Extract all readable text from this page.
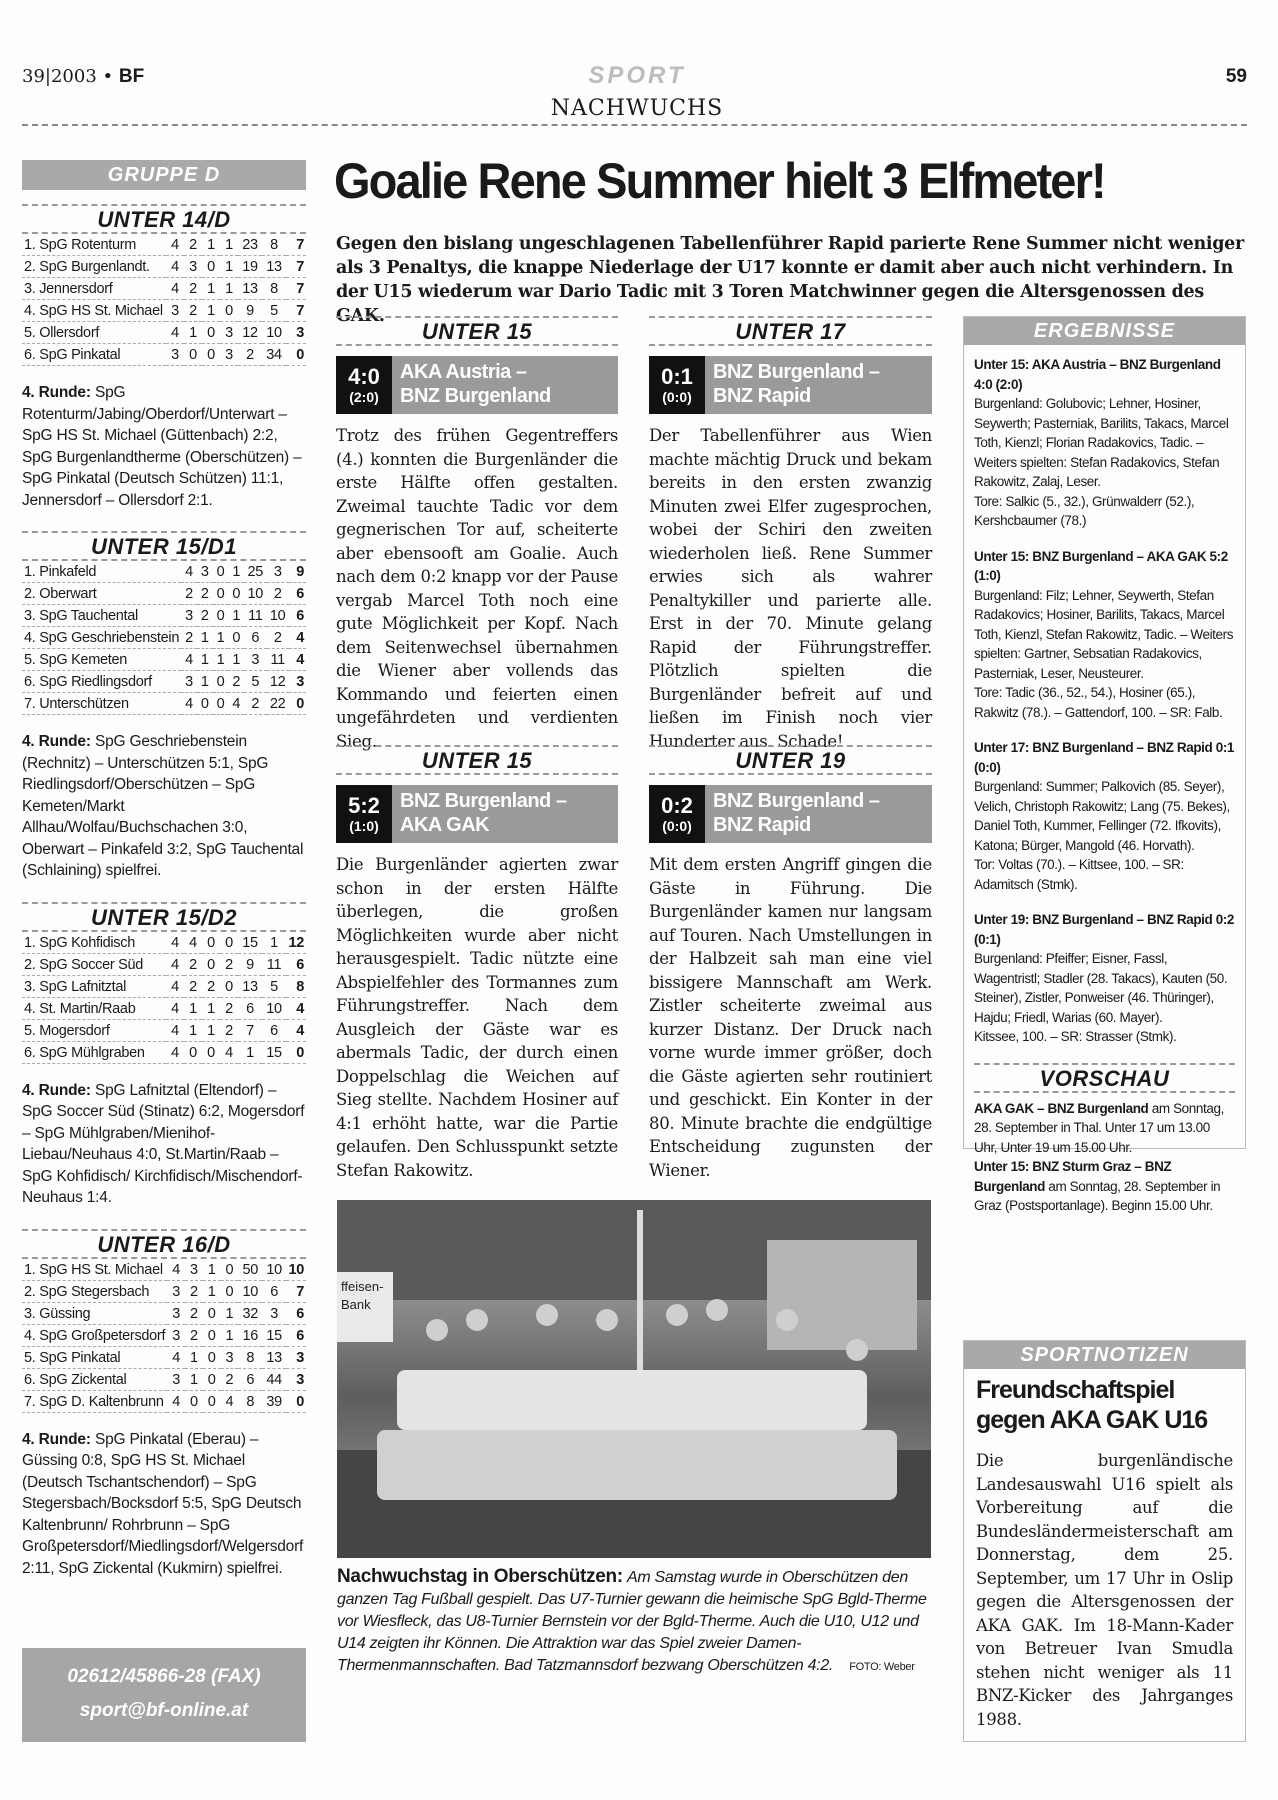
39|2003 • BF	SPORT
NACHWUCHS
59
GRUPPE D
UNTER 14/D
1. SpG Rotenturm	4	2	1	1	23	8	7
2. SpG Burgenlandt.	4	3	0	1	19	13	7
3. Jennersdorf	4	2	1	1	13	8	7
4. SpG HS St. Michael	3	2	1	0	9	5	7
5. Ollersdorf	4	1	0	3	12	10	3
6. SpG Pinkatal	3	0	0	3	2	34	0
4. Runde: SpG Rotenturm/Jabing/Oberdorf/Unterwart – SpG HS St. Michael (Güttenbach) 2:2, SpG Burgenlandtherme (Oberschützen) – SpG Pinkatal (Deutsch Schützen) 11:1, Jennersdorf – Ollersdorf 2:1.
UNTER 15/D1
1. Pinkafeld	4	3	0	1	25	3	9
2. Oberwart	2	2	0	0	10	2	6
3. SpG Tauchental	3	2	0	1	11	10	6
4. SpG Geschriebenstein	2	1	1	0	6	2	4
5. SpG Kemeten	4	1	1	1	3	11	4
6. SpG Riedlingsdorf	3	1	0	2	5	12	3
7. Unterschützen	4	0	0	4	2	22	0
4. Runde: SpG Geschriebenstein (Rechnitz) – Unterschützen 5:1, SpG Riedlingsdorf/Oberschützen – SpG Kemeten/Markt Allhau/Wolfau/Buchschachen 3:0, Oberwart – Pinkafeld 3:2, SpG Tauchental (Schlaining) spielfrei.
UNTER 15/D2
1. SpG Kohfidisch	4	4	0	0	15	1	12
2. SpG Soccer Süd	4	2	0	2	9	11	6
3. SpG Lafnitztal	4	2	2	0	13	5	8
4. St. Martin/Raab	4	1	1	2	6	10	4
5. Mogersdorf	4	1	1	2	7	6	4
6. SpG Mühlgraben	4	0	0	4	1	15	0
4. Runde: SpG Lafnitztal (Eltendorf) – SpG Soccer Süd (Stinatz) 6:2, Mogersdorf – SpG Mühlgraben/Mienihof-Liebau/Neuhaus 4:0, St.Martin/Raab – SpG Kohfidisch/ Kirchfidisch/Mischendorf-Neuhaus 1:4.
UNTER 16/D
1. SpG HS St. Michael	4	3	1	0	50	10	10
2. SpG Stegersbach	3	2	1	0	10	6	7
3. Güssing	3	2	0	1	32	3	6
4. SpG Großpetersdorf	3	2	0	1	16	15	6
5. SpG Pinkatal	4	1	0	3	8	13	3
6. SpG Zickental	3	1	0	2	6	44	3
7. SpG D. Kaltenbrunn	4	0	0	4	8	39	0
4. Runde: SpG Pinkatal (Eberau) – Güssing 0:8, SpG HS St. Michael (Deutsch Tschantschendorf) – SpG Stegersbach/Bocksdorf 5:5, SpG Deutsch Kaltenbrunn/ Rohrbrunn – SpG Großpetersdorf/Miedlingsdorf/Welgersdorf 2:11, SpG Zickental (Kukmirn) spielfrei.
02612/45866-28 (FAX)
sport@bf-online.at
Goalie Rene Summer hielt 3 Elfmeter!
Gegen den bislang ungeschlagenen Tabellenführer Rapid parierte Rene Summer nicht weniger als 3 Penaltys, die knappe Niederlage der U17 konnte er damit aber auch nicht verhindern. In der U15 wiederum war Dario Tadic mit 3 Toren Matchwinner gegen die Altersgenossen des GAK.
UNTER 15
4:0
(2:0)
AKA Austria –
BNZ Burgenland
Trotz des frühen Gegentreffers (4.) konnten die Burgenländer die erste Hälfte offen gestalten. Zweimal tauchte Tadic vor dem gegnerischen Tor auf, scheiterte aber ebensooft am Goalie. Auch nach dem 0:2 knapp vor der Pause vergab Marcel Toth noch eine gute Möglichkeit per Kopf. Nach dem Seitenwechsel übernahmen die Wiener aber vollends das Kommando und feierten einen ungefährdeten und verdienten Sieg.
UNTER 17
0:1
(0:0)
BNZ Burgenland –
BNZ Rapid
Der Tabellenführer aus Wien machte mächtig Druck und bekam bereits in den ersten zwanzig Minuten zwei Elfer zugesprochen, wobei der Schiri den zweiten wiederholen ließ. Rene Summer erwies sich als wahrer Penaltykiller und parierte alle. Erst in der 70. Minute gelang Rapid der Führungstreffer. Plötzlich spielten die Burgenländer befreit auf und ließen im Finish noch vier Hunderter aus. Schade!
UNTER 15
5:2
(1:0)
BNZ Burgenland –
AKA GAK
Die Burgenländer agierten zwar schon in der ersten Hälfte überlegen, die großen Möglichkeiten wurde aber nicht herausgespielt. Tadic nützte eine Abspielfehler des Tormannes zum Führungstreffer. Nach dem Ausgleich der Gäste war es abermals Tadic, der durch einen Doppelschlag die Weichen auf Sieg stellte. Nachdem Hosiner auf 4:1 erhöht hatte, war die Partie gelaufen. Den Schlusspunkt setzte Stefan Rakowitz.
UNTER 19
0:2
(0:0)
BNZ Burgenland –
BNZ Rapid
Mit dem ersten Angriff gingen die Gäste in Führung. Die Burgenländer kamen nur langsam auf Touren. Nach Umstellungen in der Halbzeit sah man eine viel bissigere Mannschaft am Werk. Zistler scheiterte zweimal aus kurzer Distanz. Der Druck nach vorne wurde immer größer, doch die Gäste agierten sehr routiniert und geschickt. Ein Konter in der 80. Minute brachte die endgültige Entscheidung zugunsten der Wiener.
ffeisen-
Bank
Nachwuchstag in Oberschützen: Am Samstag wurde in Oberschützen den ganzen Tag Fußball gespielt. Das U7-Turnier gewann die heimische SpG Bgld-Therme vor Wiesfleck, das U8-Turnier Bernstein vor der Bgld-Therme. Auch die U10, U12 und U14 zeigten ihr Können. Die Attraktion war das Spiel zweier Damen-Thermenmannschaften. Bad Tatzmannsdorf bezwang Oberschützen 4:2. FOTO: Weber
ERGEBNISSE

Unter 15: AKA Austria – BNZ Burgenland 4:0 (2:0)
Burgenland: Golubovic; Lehner, Hosiner, Seywerth; Pasterniak, Barilits, Takacs, Marcel Toth, Kienzl; Florian Radakovics, Tadic. – Weiters spielten: Stefan Radakovics, Stefan Rakowitz, Zalaj, Leser.
Tore: Salkic (5., 32.), Grünwalderr (52.), Kershcbaumer (78.)

Unter 15: BNZ Burgenland – AKA GAK 5:2 (1:0)
Burgenland: Filz; Lehner, Seywerth, Stefan Radakovics; Hosiner, Barilits, Takacs, Marcel Toth, Kienzl, Stefan Rakowitz, Tadic. – Weiters spielten: Gartner, Sebsatian Radakovics, Pasterniak, Leser, Neusteurer.
Tore: Tadic (36., 52., 54.), Hosiner (65.), Rakwitz (78.). – Gattendorf, 100. – SR: Falb.

Unter 17: BNZ Burgenland – BNZ Rapid 0:1 (0:0)
Burgenland: Summer; Palkovich (85. Seyer), Velich, Christoph Rakowitz; Lang (75. Bekes), Daniel Toth, Kummer, Fellinger (72. Ifkovits), Katona; Bürger, Mangold (46. Horvath).
Tor: Voltas (70.). – Kittsee, 100. – SR: Adamitsch (Stmk).

Unter 19: BNZ Burgenland – BNZ Rapid 0:2 (0:1)
Burgenland: Pfeiffer; Eisner, Fassl, Wagentristl; Stadler (28. Takacs), Kauten (50. Steiner), Zistler, Ponweiser (46. Thüringer), Hajdu; Friedl, Warias (60. Mayer).
Kitssee, 100. – SR: Strasser (Stmk).

VORSCHAU
AKA GAK – BNZ Burgenland am Sonntag, 28. September in Thal. Unter 17 um 13.00 Uhr, Unter 19 um 15.00 Uhr.
Unter 15: BNZ Sturm Graz – BNZ Burgenland am Sonntag, 28. September in Graz (Postsportanlage). Beginn 15.00 Uhr.
SPORTNOTIZEN
Freundschaftspiel gegen AKA GAK U16
Die burgenländische Landesauswahl U16 spielt als Vorbereitung auf die Bundesländermeisterschaft am Donnerstag, dem 25. September, um 17 Uhr in Oslip gegen die Altersgenossen der AKA GAK. Im 18-Mann-Kader von Betreuer Ivan Smudla stehen nicht weniger als 11 BNZ-Kicker des Jahrganges 1988.
